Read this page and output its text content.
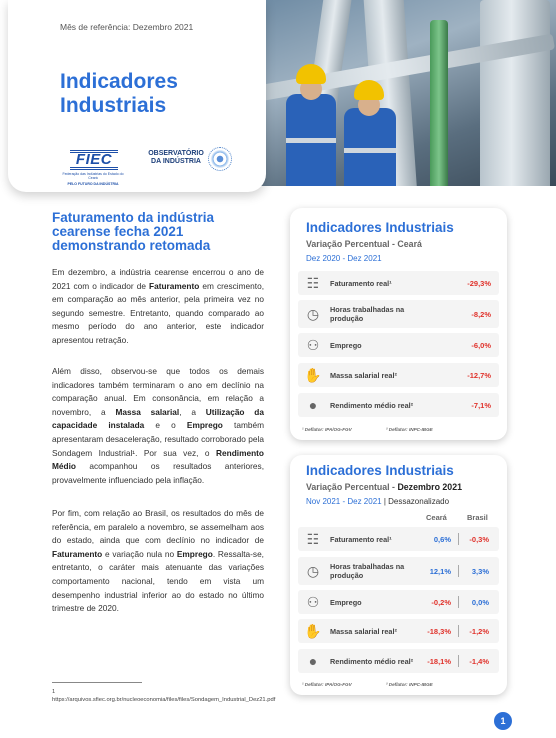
Mês de referência: Dezembro 2021
Indicadores
Industriais
FIEC
Federação das Indústrias do Estado do Ceará
PELO FUTURO DA INDÚSTRIA
OBSERVATÓRIO
DA INDÚSTRIA
Faturamento da indústria cearense fecha 2021 demonstrando retomada
Em dezembro, a indústria cearense encerrou o ano de 2021 com o indicador de Faturamento em crescimento, em comparação ao mês anterior, pela primeira vez no segundo semestre. Entretanto, quando comparado ao mesmo período do ano anterior, este indicador apresentou retração.
Além disso, observou-se que todos os demais indicadores também terminaram o ano em declínio na comparação anual. Em consonância, em relação a novembro, a Massa salarial, a Utilização da capacidade instalada e o Emprego também apresentaram desaceleração, resultado corroborado pela Sondagem Industrial¹. Por sua vez, o Rendimento Médio acompanhou os resultados anteriores, provavelmente influenciado pela inflação.
Por fim, com relação ao Brasil, os resultados do mês de referência, em paralelo a novembro, se assemelham aos do estado, ainda que com declínio no indicador de Faturamento e variação nula no Emprego. Ressalta-se, entretanto, o caráter mais atenuante das variações comportamento nacional, tendo em vista um desempenho industrial inferior ao do estado no último trimestre de 2020.
1 https://arquivos.sfiec.org.br/nucleoeconomia/files/files/Sondagem_Industrial_Dez21.pdf
Indicadores Industriais
Variação Percentual - Ceará
Dez 2020 - Dez 2021
☷	Faturamento real¹	-29,3%
◷	Horas trabalhadas na produção	-8,2%
⚇	Emprego	-6,0%
✋ Massa salarial real²	-12,7%
●	Rendimento médio real²	-7,1%
¹ Deflator: IPA/OG-FGV	² Deflator: INPC-IBGE
Indicadores Industriais
Variação Percentual - Dezembro 2021
Nov 2021 - Dez 2021 | Dessazonalizado
Ceará	Brasil
☷	Faturamento real¹	0,6% -0,3%
◷	Horas trabalhadas na produção	12,1%	3,3%
⚇	Emprego	-0,2%	0,0%
✋ Massa salarial real²	-18,3% -1,2%
●	Rendimento médio real² -18,1% -1,4%
¹ Deflator: IPA/OG-FGV	² Deflator: INPC-IBGE
1
